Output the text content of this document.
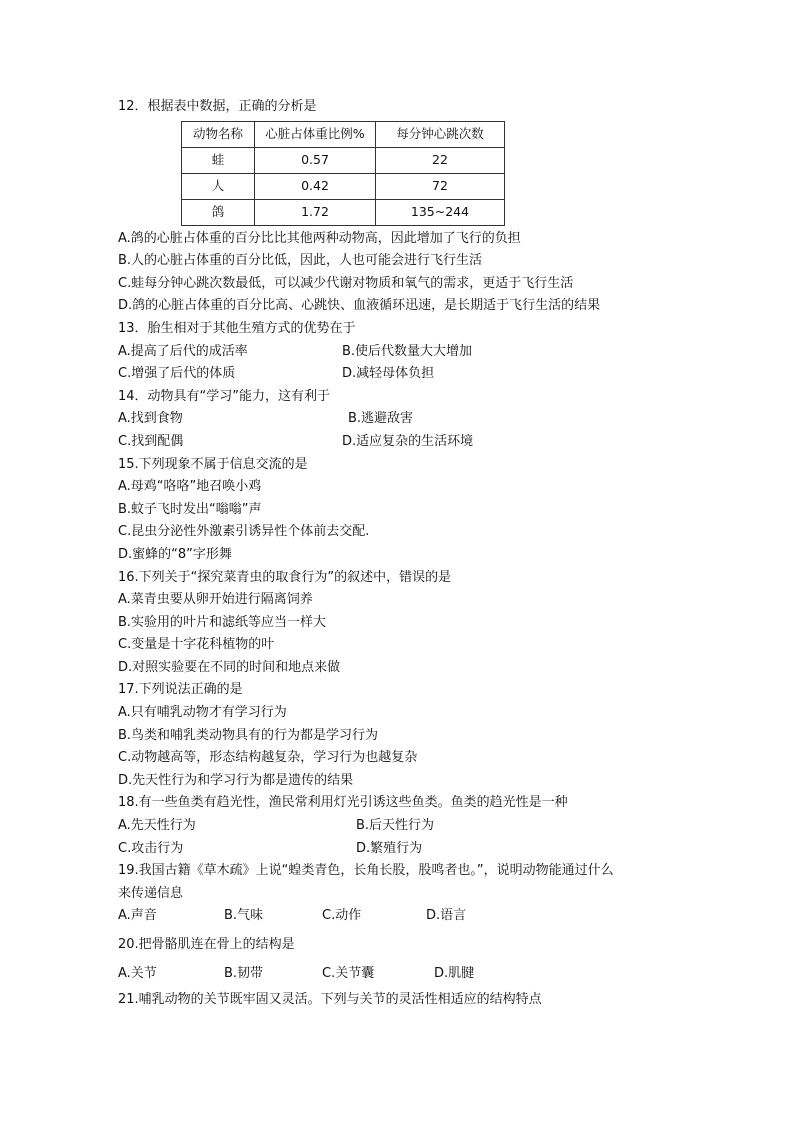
12．根据表中数据，正确的分析是
动物名称	心脏占体重比例%	每分钟心跳次数
蛙	0.57	22
人	0.42	72
鸽	1.72	135~244
A.鸽的心脏占体重的百分比比其他两种动物高，因此增加了飞行的负担
B.人的心脏占体重的百分比低，因此，人也可能会进行飞行生活
C.蛙每分钟心跳次数最低，可以减少代谢对物质和氧气的需求，更适于飞行生活
D.鸽的心脏占体重的百分比高、心跳快、血液循环迅速，是长期适于飞行生活的结果
13．胎生相对于其他生殖方式的优势在于
A.提高了后代的成活率	B.使后代数量大大增加
C.增强了后代的体质	D.减轻母体负担
14．动物具有“学习”能力，这有利于
A.找到食物	B.逃避敌害
C.找到配偶	D.适应复杂的生活环境
15.下列现象不属于信息交流的是
A.母鸡“咯咯”地召唤小鸡
B.蚊子飞时发出“嗡嗡”声
C.昆虫分泌性外激素引诱异性个体前去交配.
D.蜜蜂的“8”字形舞
16.下列关于“探究菜青虫的取食行为”的叙述中，错误的是
A.菜青虫要从卵开始进行隔离饲养
B.实验用的叶片和滤纸等应当一样大
C.变量是十字花科植物的叶
D.对照实验要在不同的时间和地点来做
17.下列说法正确的是
A.只有哺乳动物才有学习行为
B.鸟类和哺乳类动物具有的行为都是学习行为
C.动物越高等，形态结构越复杂，学习行为也越复杂
D.先天性行为和学习行为都是遗传的结果
18.有一些鱼类有趋光性，渔民常利用灯光引诱这些鱼类。鱼类的趋光性是一种
A.先天性行为	B.后天性行为
C.攻击行为	D.繁殖行为
19.我国古籍《草木疏》上说“蝗类青色，长角长股，股鸣者也。”，说明动物能通过什么
来传递信息
A.声音	B.气味	C.动作	D.语言
20.把骨骼肌连在骨上的结构是
A.关节	B.韧带	C.关节囊	D.肌腱
21.哺乳动物的关节既牢固又灵活。下列与关节的灵活性相适应的结构特点
